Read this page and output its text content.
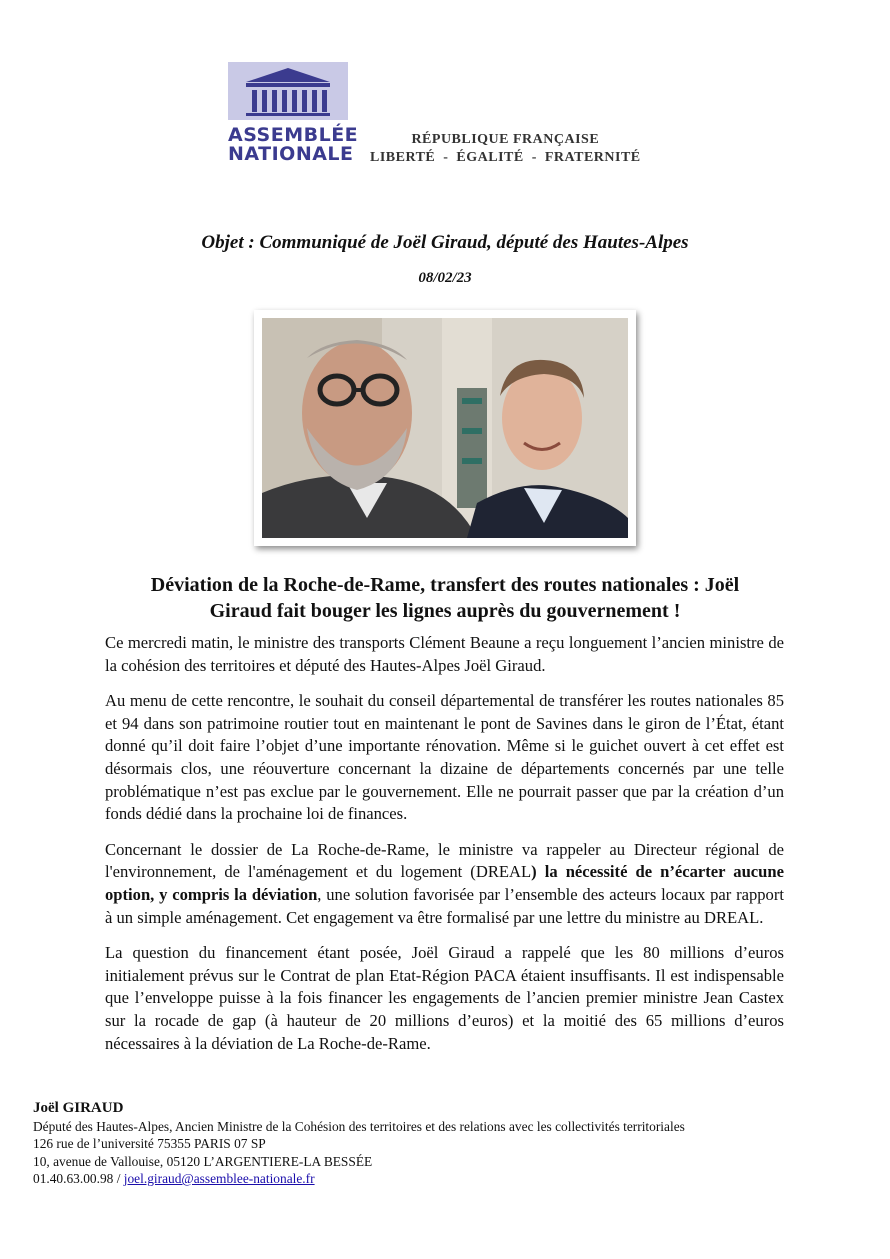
ASSEMBLÉE
NATIONALE
RÉPUBLIQUE FRANÇAISE
LIBERTÉ  -  ÉGALITÉ  -  FRATERNITÉ
Objet : Communiqué de Joël Giraud, député des Hautes-Alpes
08/02/23
Déviation de la Roche-de-Rame, transfert des routes nationales : Joël
Giraud fait bouger les lignes auprès du gouvernement !

Ce mercredi matin, le ministre des transports Clément Beaune a reçu longuement l’ancien ministre de la cohésion des territoires et député des Hautes-Alpes Joël Giraud.

Au menu de cette rencontre, le souhait du conseil départemental de transférer les routes nationales 85 et 94 dans son patrimoine routier tout en maintenant le pont de Savines dans le giron de l’État, étant donné qu’il doit faire l’objet d’une importante rénovation. Même si le guichet ouvert à cet effet est désormais clos, une réouverture concernant la dizaine de départements concernés par une telle problématique n’est pas exclue par le gouvernement. Elle ne pourrait passer que par la création d’un fonds dédié dans la prochaine loi de finances.

Concernant le dossier de La Roche-de-Rame, le ministre va rappeler au Directeur régional de l'environnement, de l'aménagement et du logement (DREAL) la nécessité de n’écarter aucune option, y compris la déviation, une solution favorisée par l’ensemble des acteurs locaux par rapport à un simple aménagement. Cet engagement va être formalisé par une lettre du ministre au DREAL.

La question du financement étant posée, Joël Giraud a rappelé que les 80 millions d’euros initialement prévus sur le Contrat de plan Etat-Région PACA étaient insuffisants. Il est indispensable que l’enveloppe puisse à la fois financer les engagements de l’ancien premier ministre Jean Castex sur la rocade de gap (à hauteur de 20 millions d’euros) et la moitié des 65 millions d’euros nécessaires à la déviation de La Roche-de-Rame.

Joël GIRAUD
Député des Hautes-Alpes, Ancien Ministre de la Cohésion des territoires et des relations avec les collectivités territoriales
126 rue de l’université 75355 PARIS 07 SP
10, avenue de Vallouise, 05120 L’ARGENTIERE-LA BESSÉE
01.40.63.00.98 / joel.giraud@assemblee-nationale.fr
